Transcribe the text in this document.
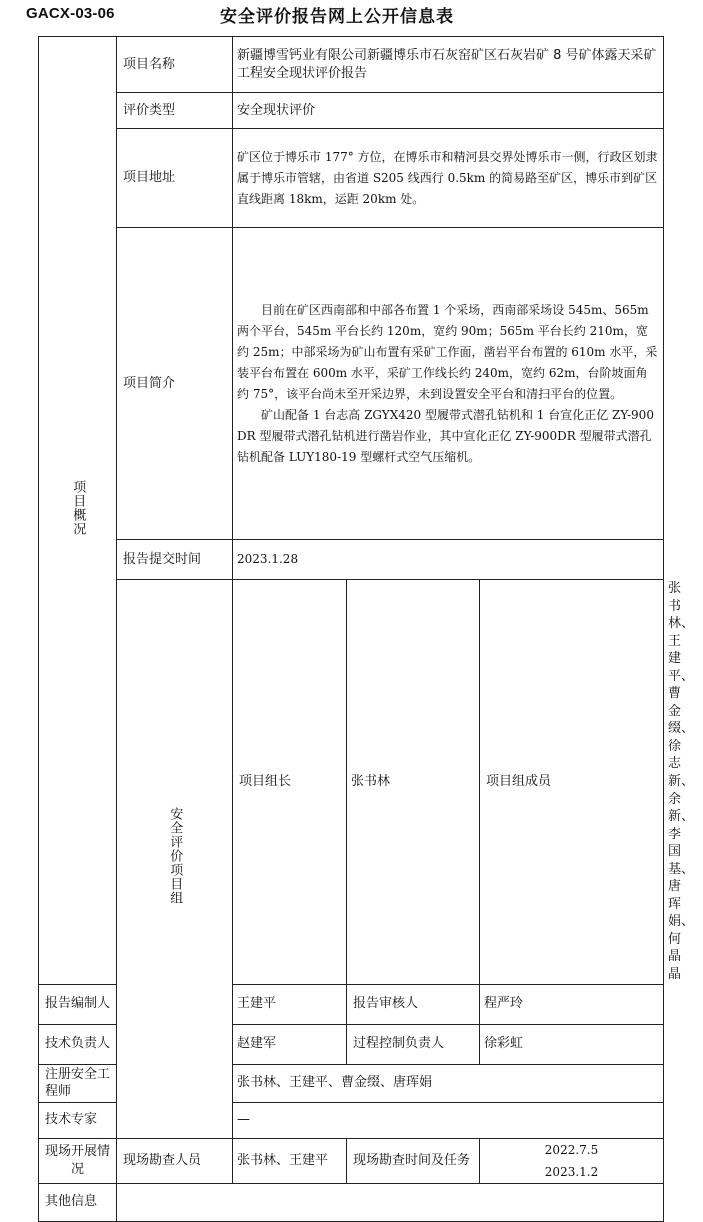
GACX-03-06	安全评价报告网上公开信息表
项目概况	项目名称	新疆博雪钙业有限公司新疆博乐市石灰窑矿区石灰岩矿 8 号矿体露天采矿工程安全现状评价报告			
	评价类型	安全现状评价			
	项目地址	矿区位于博乐市 177° 方位，在博乐市和精河县交界处博乐市一侧，行政区划隶属于博乐市管辖，由省道 S205 线西行 0.5km 的简易路至矿区，博乐市到矿区直线距离 18km，运距 20km 处。			
	项目简介	目前在矿区西南部和中部各布置 1 个采场，西南部采场设 545m、565m 两个平台，545m 平台长约 120m，宽约 90m；565m 平台长约 210m，宽约 25m；中部采场为矿山布置有采矿工作面，凿岩平台布置的 610m 水平，采装平台布置在 600m 水平，采矿工作线长约 240m，宽约 62m，台阶坡面角约 75°，该平台尚未至开采边界，未到设置安全平台和清扫平台的位置。

矿山配备 1 台志高 ZGYX420 型履带式潜孔钻机和 1 台宣化正亿 ZY-900DR 型履带式潜孔钻机进行凿岩作业，其中宣化正亿 ZY-900DR 型履带式潜孔钻机配备 LUY180-19 型螺杆式空气压缩机。			

	报告提交时间	2023.1.28			
	安全评价项目组	项目组长	张书林	项目组成员	张书林、王建平、曹金缀、徐志新、余新、李国基、唐珲娟、何晶晶
报告编制人		王建平	报告审核人	程严玲	
技术负责人		赵建军	过程控制负责人	徐彩虹	
注册安全工程师		张书林、王建平、曹金缀、唐珲娟			
技术专家		—			
现场开展情况	现场勘查人员	张书林、王建平	现场勘查时间及任务	2022.7.5
2023.1.2	

其他信息					
